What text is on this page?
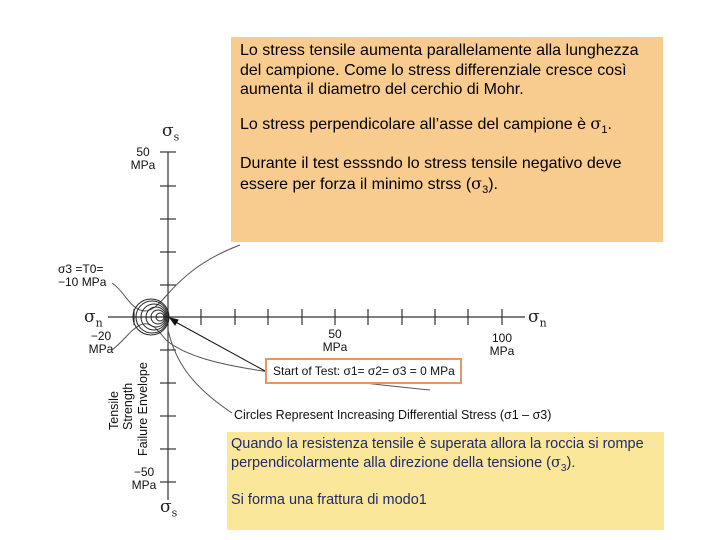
$\sigma_s$
$\sigma_s$
$\sigma_n$	$\sigma_n$
50
MPa
σ3 =T0=
−10 MPa
−20
MPa
50
MPa
100
MPa
−50
MPa
Tensile Strength Failure Envelope	Start of Test: σ1= σ2= σ3 = 0 MPa
Circles Represent Increasing Differential Stress (σ1 – σ3)

Lo stress tensile aumenta parallelamente alla lunghezza del campione. Come lo stress differenziale cresce così aumenta il diametro del cerchio di Mohr.

Lo stress perpendicolare all’asse del campione è $\sigma_1$.

Durante il test esssndo lo stress tensile negativo deve essere per forza il minimo strss $(\sigma_3)$.

Quando la resistenza tensile è superata allora la roccia si rompe perpendicolarmente alla direzione della tensione $(\sigma_3)$.

Si forma una frattura di modo1
